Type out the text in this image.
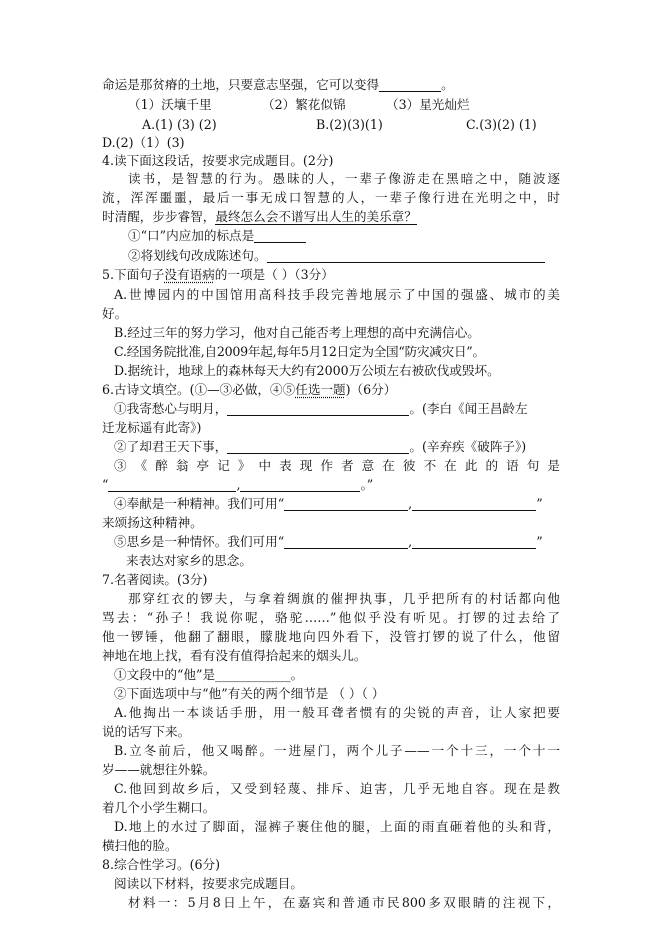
命运是那贫瘠的土地，只要意志坚强，它可以变得	。
（1）沃壤千里	（2）繁花似锦	（3）星光灿烂
A.(1) (3) (2)	B.(2)(3)(1)	C.(3)(2) (1)
D.(2)（1）(3)
4.读下面这段话，按要求完成题目。(2分)
读书，是智慧的行为。愚昧的人，一辈子像游走在黑暗之中，随波逐
流，浑浑噩噩，最后一事无成口智慧的人，一辈子像行进在光明之中，时
时清醒，步步睿智，最终怎么会不谱写出人生的美乐章？
①“口”内应加的标点是
②将划线句改成陈述句。
5.下面句子没有语病的一项是（ ）（3分）
A.世博园内的中国馆用高科技手段完善地展示了中国的强盛、城市的美
好。
B.经过三年的努力学习，他对自己能否考上理想的高中充满信心。
C.经国务院批准,自2009年起,每年5月12日定为全国“防灾减灾日”。
D.据统计，地球上的森林每天大约有2000万公顷左右被砍伐或毁坏。
6.古诗文填空。(①—③必做，④⑤任选一题)（6分）
①我寄愁心与明月，	。(李白《闻王昌龄左
迁龙标遥有此寄》)
②了却君王天下事，	。(辛弃疾《破阵子》)
③《醉翁亭记》中表现作者意在彼不在此的语句是
“	,	。”
④奉献是一种精神。我们可用“	,	”
来颂扬这种精神。
⑤思乡是一种情怀。我们可用“	,	”
来表达对家乡的思念。
7.名著阅读。(3分)
那穿红衣的锣夫，与拿着绸旗的催押执事，几乎把所有的村话都向他
骂去：“孙子！我说你呢，骆驼……”他似乎没有听见。打锣的过去给了
他一锣锤，他翻了翻眼，朦胧地向四外看下，没管打锣的说了什么，他留
神地在地上找，看有没有值得拾起来的烟头儿。
①文段中的“他”是____________。
②下面选项中与“他”有关的两个细节是 （ ）（ ）
A.他掏出一本谈话手册，用一般耳聋者惯有的尖锐的声音，让人家把要
说的话写下来。
B.立冬前后，他又喝醉。一进屋门，两个儿子——一个十三，一个十一
岁——就想往外躲。
C.他回到故乡后，又受到轻蔑、排斥、迫害，几乎无地自容。现在是教
着几个小学生糊口。
D.地上的水过了脚面，湿裤子裹住他的腿，上面的雨直砸着他的头和背，
横扫他的脸。
8.综合性学习。(6分)
阅读以下材料，按要求完成题目。
材料一：5月8日上午，在嘉宾和普通市民800多双眼睛的注视下，
